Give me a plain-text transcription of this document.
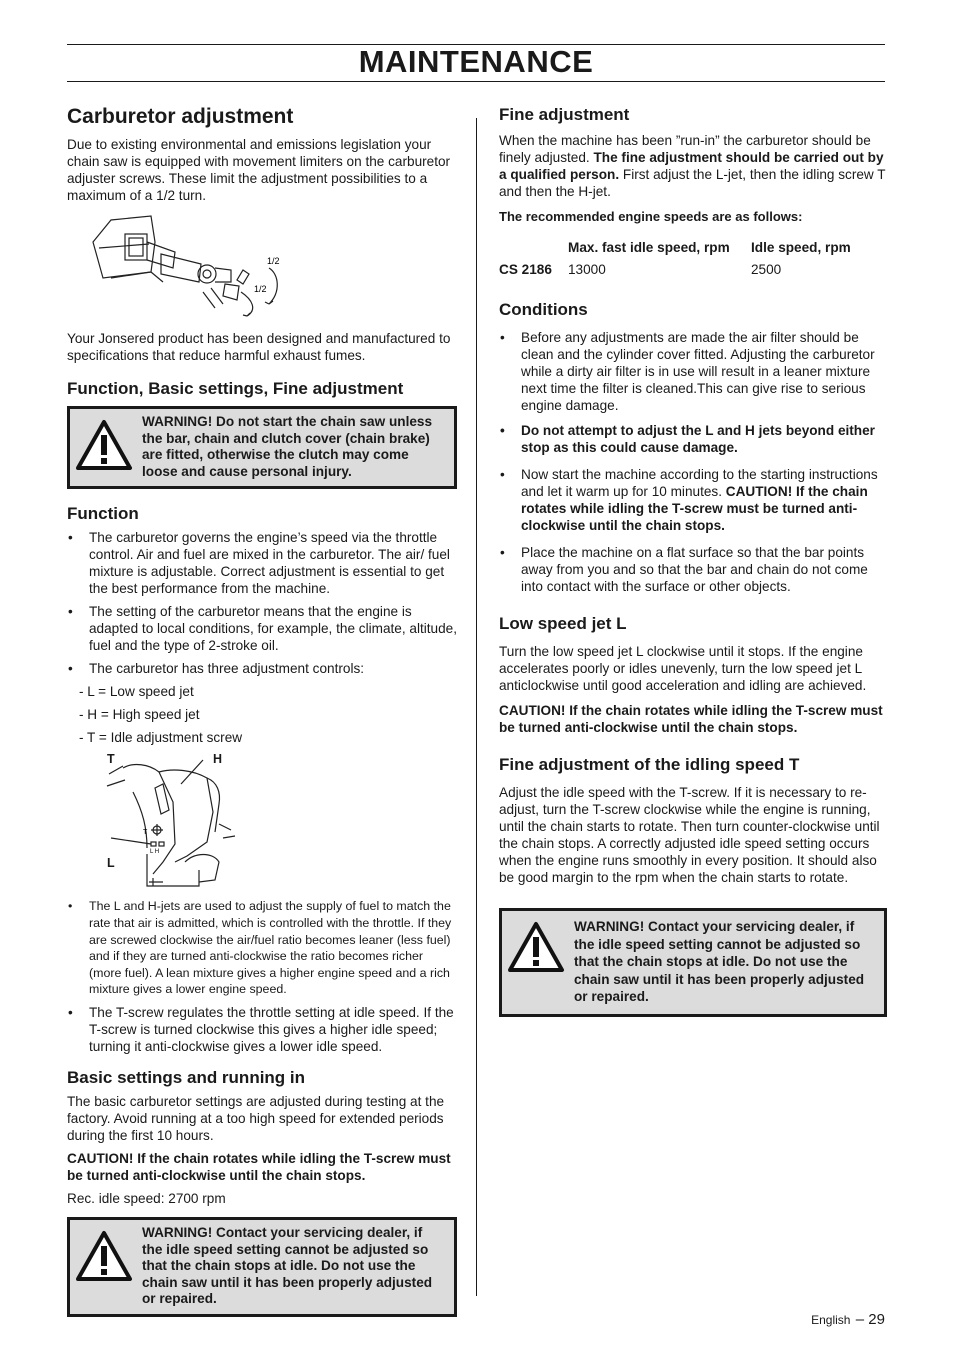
MAINTENANCE
Carburetor adjustment

Due to existing environmental and emissions legislation your chain saw is equipped with movement limiters on the carburetor adjuster screws. These limit the adjustment possibilities to a maximum of a 1/2 turn.

1/2
1/2

Your Jonsered product has been designed and manufactured to specifications that reduce harmful exhaust fumes.

Function, Basic settings, Fine adjustment

WARNING! Do not start the chain saw unless the bar, chain and clutch cover (chain brake) are fitted, otherwise the clutch may come loose and cause personal injury.

Function
• The carburetor governs the engine’s speed via the throttle control. Air and fuel are mixed in the carburetor. The air/ fuel mixture is adjustable. Correct adjustment is essential to get the best performance from the machine.
• The setting of the carburetor means that the engine is adapted to local conditions, for example, the climate, altitude, fuel and the type of 2-stroke oil.
• The carburetor has three adjustment controls:
- L = Low speed jet
- H = High speed jet
- T = Idle adjustment screw
T
L H
T	H
L
• The L and H-jets are used to adjust the supply of fuel to match the rate that air is admitted, which is controlled with the throttle. If they are screwed clockwise the air/fuel ratio becomes leaner (less fuel) and if they are turned anti-clockwise the ratio becomes richer (more fuel). A lean mixture gives a higher engine speed and a rich mixture gives a lower engine speed.
• The T-screw regulates the throttle setting at idle speed. If the T-screw is turned clockwise this gives a higher idle speed; turning it anti-clockwise gives a lower idle speed.
Basic settings and running in

The basic carburetor settings are adjusted during testing at the factory. Avoid running at a too high speed for extended periods during the first 10 hours.

CAUTION! If the chain rotates while idling the T-screw must be turned anti-clockwise until the chain stops.

Rec. idle speed: 2700 rpm

WARNING! Contact your servicing dealer, if the idle speed setting cannot be adjusted so that the chain stops at idle. Do not use the chain saw until it has been properly adjusted or repaired.

Fine adjustment

When the machine has been ”run-in” the carburetor should be finely adjusted. The fine adjustment should be carried out by a qualified person. First adjust the L-jet, then the idling screw T and then the H-jet.

The recommended engine speeds are as follows:

	Max. fast idle speed, rpm	Idle speed, rpm
CS 2186	13000	2500
Conditions
• Before any adjustments are made the air filter should be clean and the cylinder cover fitted. Adjusting the carburetor while a dirty air filter is in use will result in a leaner mixture next time the filter is cleaned.This can give rise to serious engine damage.
• Do not attempt to adjust the L and H jets beyond either stop as this could cause damage.
• Now start the machine according to the starting instructions and let it warm up for 10 minutes. CAUTION! If the chain rotates while idling the T-screw must be turned anti-clockwise until the chain stops.
• Place the machine on a flat surface so that the bar points away from you and so that the bar and chain do not come into contact with the surface or other objects.
Low speed jet L

Turn the low speed jet L clockwise until it stops. If the engine accelerates poorly or idles unevenly, turn the low speed jet L anticlockwise until good acceleration and idling are achieved.

CAUTION! If the chain rotates while idling the T-screw must be turned anti-clockwise until the chain stops.

Fine adjustment of the idling speed T

Adjust the idle speed with the T-screw. If it is necessary to re-adjust, turn the T-screw clockwise while the engine is running, until the chain starts to rotate. Then turn counter-clockwise until the chain stops. A correctly adjusted idle speed setting occurs when the engine runs smoothly in every position. It should also be good margin to the rpm when the chain starts to rotate.

WARNING! Contact your servicing dealer, if the idle speed setting cannot be adjusted so that the chain stops at idle. Do not use the chain saw until it has been properly adjusted or repaired.

English – 29
